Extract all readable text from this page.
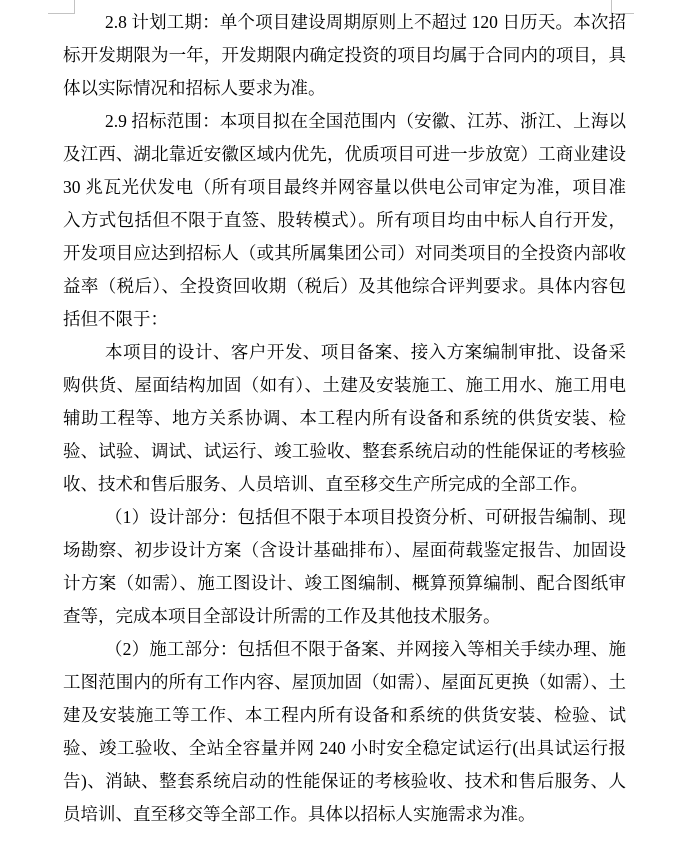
2.8 计划工期：单个项目建设周期原则上不超过 120 日历天。本次招标开发期限为一年，开发期限内确定投资的项目均属于合同内的项目，具体以实际情况和招标人要求为准。

2.9 招标范围：本项目拟在全国范围内（安徽、江苏、浙江、上海以及江西、湖北靠近安徽区域内优先，优质项目可进一步放宽）工商业建设 30 兆瓦光伏发电（所有项目最终并网容量以供电公司审定为准，项目准入方式包括但不限于直签、股转模式）。所有项目均由中标人自行开发，开发项目应达到招标人（或其所属集团公司）对同类项目的全投资内部收益率（税后）、全投资回收期（税后）及其他综合评判要求。具体内容包括但不限于：

本项目的设计、客户开发、项目备案、接入方案编制审批、设备采购供货、屋面结构加固（如有）、土建及安装施工、施工用水、施工用电辅助工程等、地方关系协调、本工程内所有设备和系统的供货安装、检验、试验、调试、试运行、竣工验收、整套系统启动的性能保证的考核验收、技术和售后服务、人员培训、直至移交生产所完成的全部工作。

（1）设计部分：包括但不限于本项目投资分析、可研报告编制、现场勘察、初步设计方案（含设计基础排布）、屋面荷载鉴定报告、加固设计方案（如需）、施工图设计、竣工图编制、概算预算编制、配合图纸审查等，完成本项目全部设计所需的工作及其他技术服务。

（2）施工部分：包括但不限于备案、并网接入等相关手续办理、施工图范围内的所有工作内容、屋顶加固（如需）、屋面瓦更换（如需）、土建及安装施工等工作、本工程内所有设备和系统的供货安装、检验、试验、竣工验收、全站全容量并网 240 小时安全稳定试运行(出具试运行报告)、消缺、整套系统启动的性能保证的考核验收、技术和售后服务、人员培训、直至移交等全部工作。具体以招标人实施需求为准。
